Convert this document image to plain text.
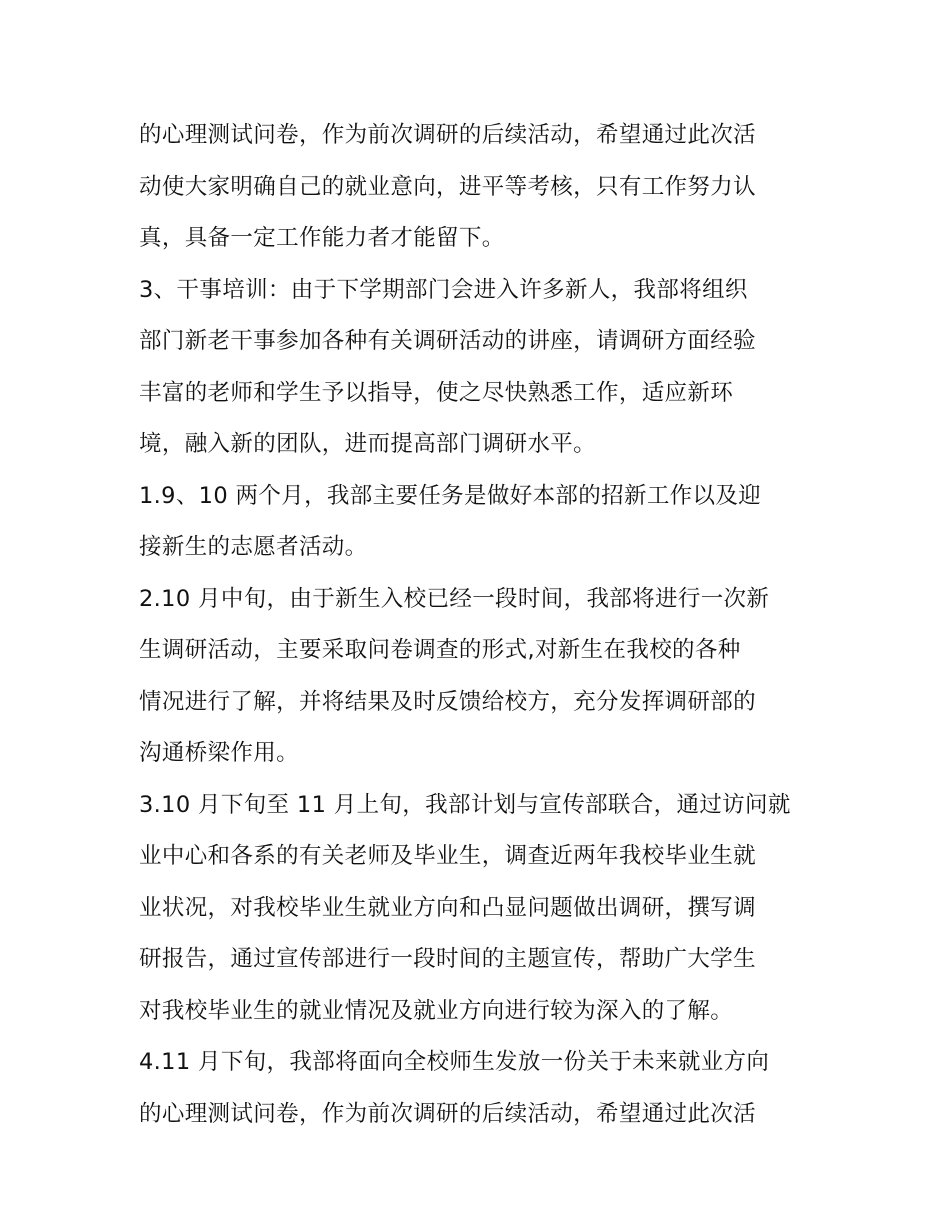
的心理测试问卷，作为前次调研的后续活动，希望通过此次活
动使大家明确自己的就业意向，进平等考核，只有工作努力认
真，具备一定工作能力者才能留下。
3、干事培训：由于下学期部门会进入许多新人，我部将组织
部门新老干事参加各种有关调研活动的讲座，请调研方面经验
丰富的老师和学生予以指导，使之尽快熟悉工作，适应新环
境，融入新的团队，进而提高部门调研水平。
1.9、10 两个月，我部主要任务是做好本部的招新工作以及迎
接新生的志愿者活动。
2.10 月中旬，由于新生入校已经一段时间，我部将进行一次新
生调研活动，主要采取问卷调查的形式,对新生在我校的各种
情况进行了解，并将结果及时反馈给校方，充分发挥调研部的
沟通桥梁作用。
3.10 月下旬至 11 月上旬，我部计划与宣传部联合，通过访问就
业中心和各系的有关老师及毕业生，调查近两年我校毕业生就
业状况，对我校毕业生就业方向和凸显问题做出调研，撰写调
研报告，通过宣传部进行一段时间的主题宣传，帮助广大学生
对我校毕业生的就业情况及就业方向进行较为深入的了解。
4.11 月下旬，我部将面向全校师生发放一份关于未来就业方向
的心理测试问卷，作为前次调研的后续活动，希望通过此次活
